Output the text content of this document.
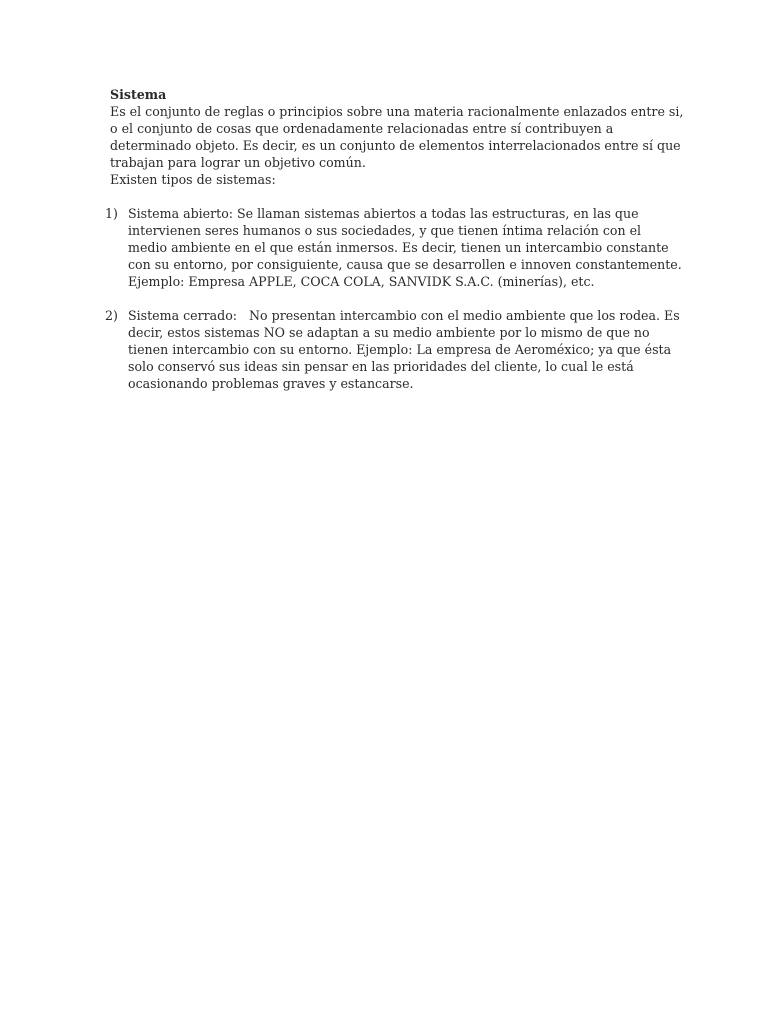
Sistema

Es el conjunto de reglas o principios sobre una materia racionalmente enlazados entre si,

o el conjunto de cosas que ordenadamente relacionadas entre sí contribuyen a

determinado objeto. Es decir, es un conjunto de elementos interrelacionados entre sí que

trabajan para lograr un objetivo común.

Existen tipos de sistemas:

1) Sistema abierto: Se llaman sistemas abiertos a todas las estructuras, en las que

intervienen seres humanos o sus sociedades, y que tienen íntima relación con el

medio ambiente en el que están inmersos. Es decir, tienen un intercambio constante

con su entorno, por consiguiente, causa que se desarrollen e innoven constantemente.

Ejemplo: Empresa APPLE, COCA COLA, SANVIDK S.A.C. (minerías), etc.

2) Sistema cerrado:   No presentan intercambio con el medio ambiente que los rodea. Es

decir, estos sistemas NO se adaptan a su medio ambiente por lo mismo de que no

tienen intercambio con su entorno. Ejemplo: La empresa de Aeroméxico; ya que ésta

solo conservó sus ideas sin pensar en las prioridades del cliente, lo cual le está

ocasionando problemas graves y estancarse.
